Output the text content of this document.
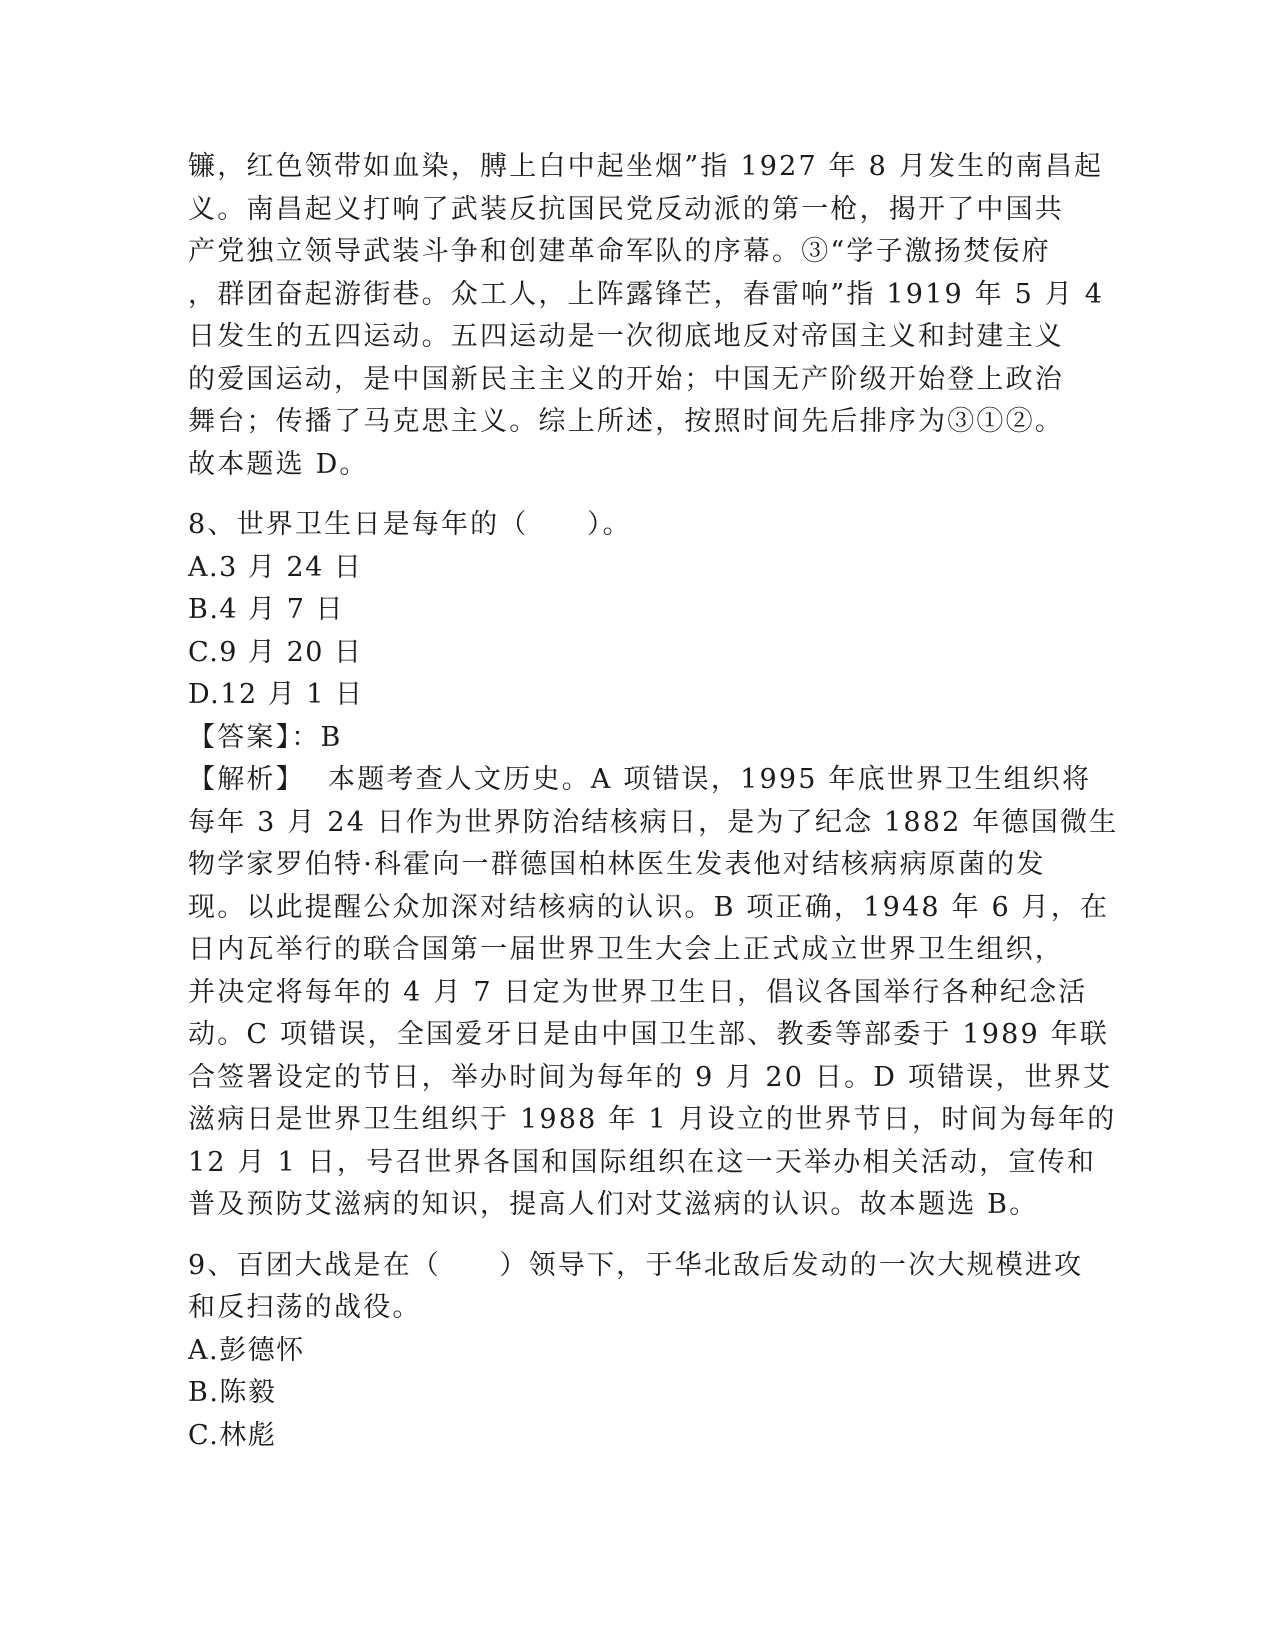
镰，红色领带如血染，膊上白中起坐烟”指 1927 年 8 月发生的南昌起
义。南昌起义打响了武装反抗国民党反动派的第一枪，揭开了中国共
产党独立领导武装斗争和创建革命军队的序幕。③“学子激扬焚佞府
，群团奋起游街巷。众工人，上阵露锋芒，春雷响”指 1919 年 5 月 4
日发生的五四运动。五四运动是一次彻底地反对帝国主义和封建主义
的爱国运动，是中国新民主主义的开始；中国无产阶级开始登上政治
舞台；传播了马克思主义。综上所述，按照时间先后排序为③①②。
故本题选 D。
8、世界卫生日是每年的（　　）。
A.3 月 24 日
B.4 月 7 日
C.9 月 20 日
D.12 月 1 日
【答案】：B
【解析】 本题考查人文历史。A 项错误，1995 年底世界卫生组织将
每年 3 月 24 日作为世界防治结核病日，是为了纪念 1882 年德国微生
物学家罗伯特·科霍向一群德国柏林医生发表他对结核病病原菌的发
现。以此提醒公众加深对结核病的认识。B 项正确，1948 年 6 月，在
日内瓦举行的联合国第一届世界卫生大会上正式成立世界卫生组织，
并决定将每年的 4 月 7 日定为世界卫生日，倡议各国举行各种纪念活
动。C 项错误，全国爱牙日是由中国卫生部、教委等部委于 1989 年联
合签署设定的节日，举办时间为每年的 9 月 20 日。D 项错误，世界艾
滋病日是世界卫生组织于 1988 年 1 月设立的世界节日，时间为每年的
12 月 1 日，号召世界各国和国际组织在这一天举办相关活动，宣传和
普及预防艾滋病的知识，提高人们对艾滋病的认识。故本题选 B。
9、百团大战是在（　　）领导下，于华北敌后发动的一次大规模进攻
和反扫荡的战役。
A.彭德怀
B.陈毅
C.林彪
